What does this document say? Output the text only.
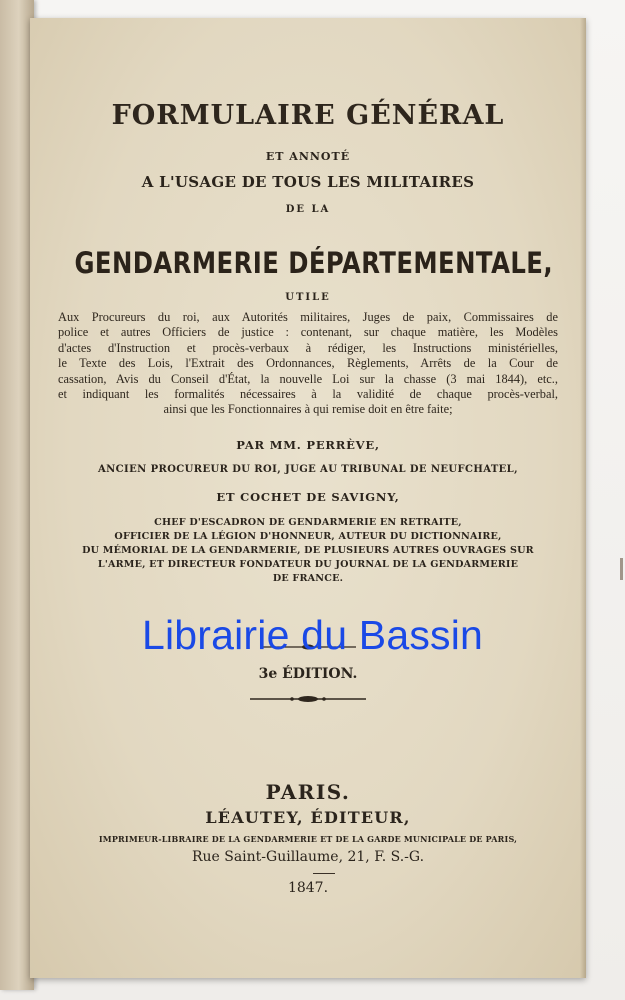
FORMULAIRE GÉNÉRAL
ET ANNOTÉ
A L'USAGE DE TOUS LES MILITAIRES
DE LA
GENDARMERIE DÉPARTEMENTALE,
UTILE
Aux Procureurs du roi, aux Autorités militaires, Juges de paix, Commissaires de
police et autres Officiers de justice : contenant, sur chaque matière, les Modèles
d'actes d'Instruction et procès-verbaux à rédiger, les Instructions ministérielles,
le Texte des Lois, l'Extrait des Ordonnances, Règlements, Arrêts de la Cour de
cassation, Avis du Conseil d'État, la nouvelle Loi sur la chasse (3 mai 1844), etc.,
et indiquant les formalités nécessaires à la validité de chaque procès-verbal,
ainsi que les Fonctionnaires à qui remise doit en être faite;
PAR MM. PERRÈVE,
ANCIEN PROCUREUR DU ROI, JUGE AU TRIBUNAL DE NEUFCHATEL,
ET COCHET DE SAVIGNY,
CHEF D'ESCADRON DE GENDARMERIE EN RETRAITE,
OFFICIER DE LA LÉGION D'HONNEUR, AUTEUR DU DICTIONNAIRE,
DU MÉMORIAL DE LA GENDARMERIE, DE PLUSIEURS AUTRES OUVRAGES SUR
L'ARME, ET DIRECTEUR FONDATEUR DU JOURNAL DE LA GENDARMERIE
DE FRANCE.
3e ÉDITION.
PARIS.
LÉAUTEY, ÉDITEUR,
IMPRIMEUR-LIBRAIRE DE LA GENDARMERIE ET DE LA GARDE MUNICIPALE DE PARIS,
Rue Saint-Guillaume, 21, F. S.-G.
1847.
Librairie du Bassin
